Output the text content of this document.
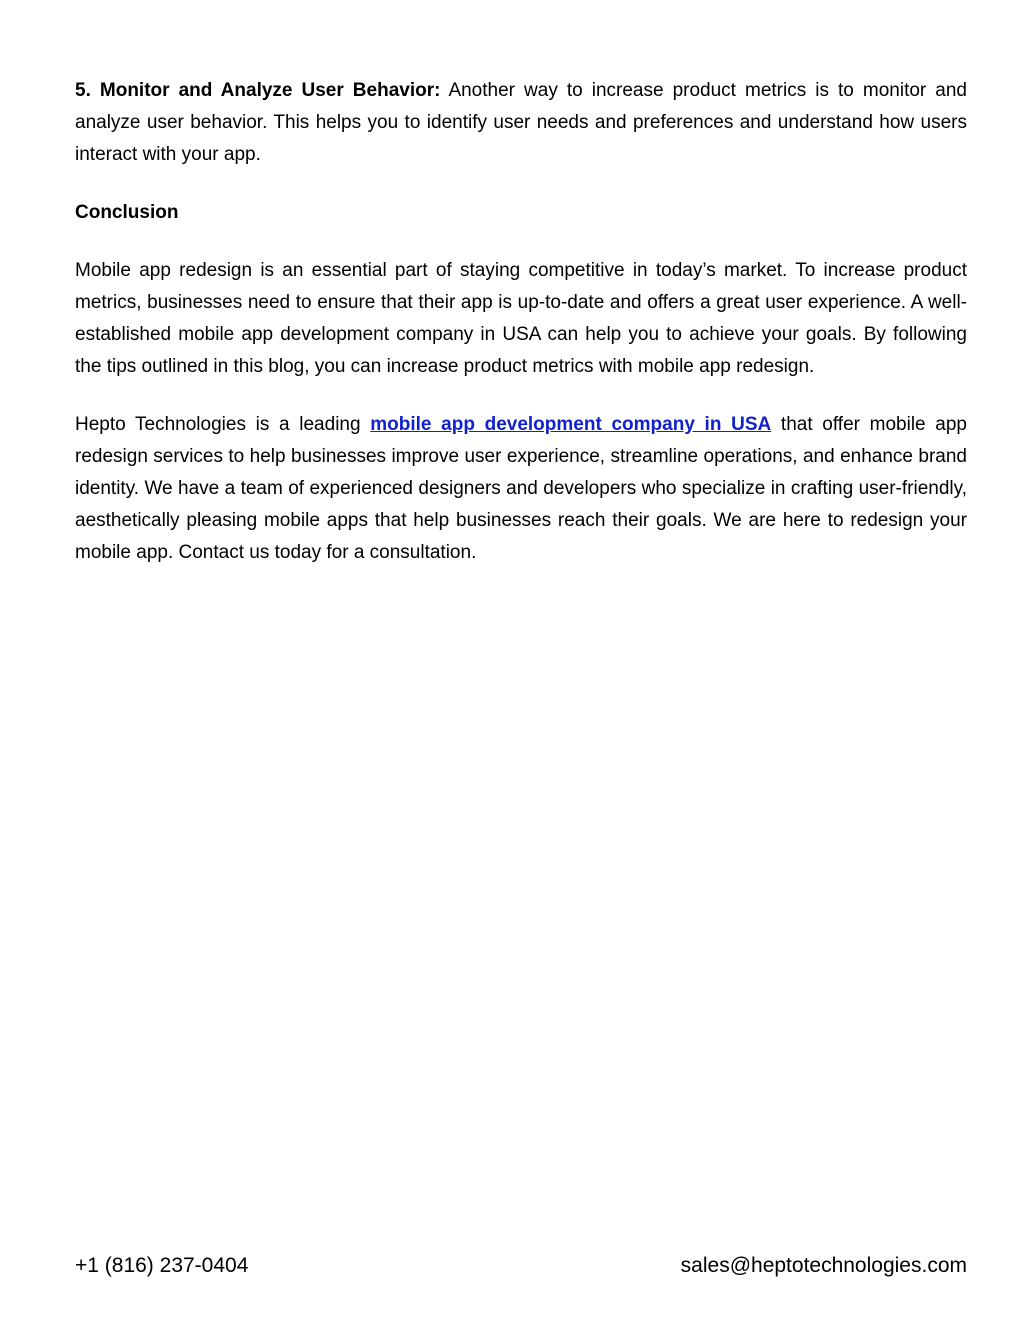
5. Monitor and Analyze User Behavior: Another way to increase product metrics is to monitor and analyze user behavior. This helps you to identify user needs and preferences and understand how users interact with your app.

Conclusion

Mobile app redesign is an essential part of staying competitive in today’s market. To increase product metrics, businesses need to ensure that their app is up-to-date and offers a great user experience. A well-established mobile app development company in USA can help you to achieve your goals. By following the tips outlined in this blog, you can increase product metrics with mobile app redesign.

Hepto Technologies is a leading mobile app development company in USA that offer mobile app redesign services to help businesses improve user experience, streamline operations, and enhance brand identity. We have a team of experienced designers and developers who specialize in crafting user-friendly, aesthetically pleasing mobile apps that help businesses reach their goals. We are here to redesign your mobile app. Contact us today for a consultation.

+1 (816) 237-0404	sales@heptotechnologies.com
